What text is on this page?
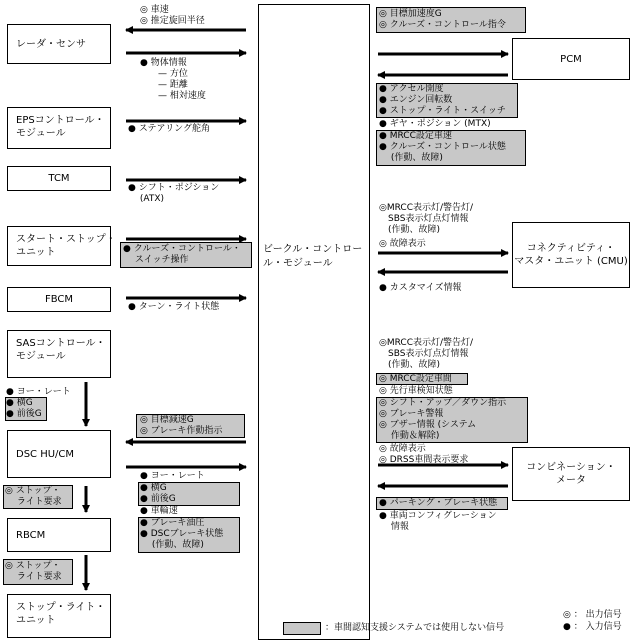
レーダ・センサ
EPSコントロール・
モジュール
TCM
スタート・ストップ・
ユニット
FBCM
SASコントロール・
モジュール
DSC HU/CM
RBCM
ストップ・ライト・
ユニット
ビークル・コントロー
ル・モジュール
PCM
コネクティビティ・
マスタ・ユニット (CMU)
コンビネーション・
メータ
◎ 車速
◎ 推定旋回半径
● 物体情報
　　— 方位
　　— 距離
　　— 相対速度
● ステアリング舵角
● シフト・ポジション
　 (ATX)
● クルーズ・コントロール・
　 スイッチ操作
● ターン・ライト状態
● ヨー・レート
● 横G
● 前後G
◎ 目標減速G
◎ ブレーキ作動指示
● ヨー・レート
● 横G
● 前後G
● 車輪速
● ブレーキ油圧
● DSCブレーキ状態
　 (作動、故障)
◎ ストップ・
　 ライト要求
◎ ストップ・
　 ライト要求
◎ 目標加速度G
◎ クルーズ・コントロール指令
● アクセル開度
● エンジン回転数
● ストップ・ライト・スイッチ
● ギヤ・ポジション (MTX)
● MRCC設定車速
● クルーズ・コントロール状態
　 (作動、故障)
◎MRCC表示灯/警告灯/
　SBS表示灯点灯情報
　(作動、故障)
◎ 故障表示
● カスタマイズ情報
◎MRCC表示灯/警告灯/
　SBS表示灯点灯情報
　(作動、故障)
◎ MRCC設定車間
◎ 先行車検知状態
◎ シフト・アップ／ダウン指示
◎ ブレーキ警報
◎ ブザー情報 (システム
　 作動＆解除)
◎ 故障表示
◎ DRSS車間表示要求
● パーキング・ブレーキ状態
● 車両コンフィグレーション
　 情報
：車間認知支援システムでは使用しない信号
◎ ： 出力信号
● ： 入力信号
